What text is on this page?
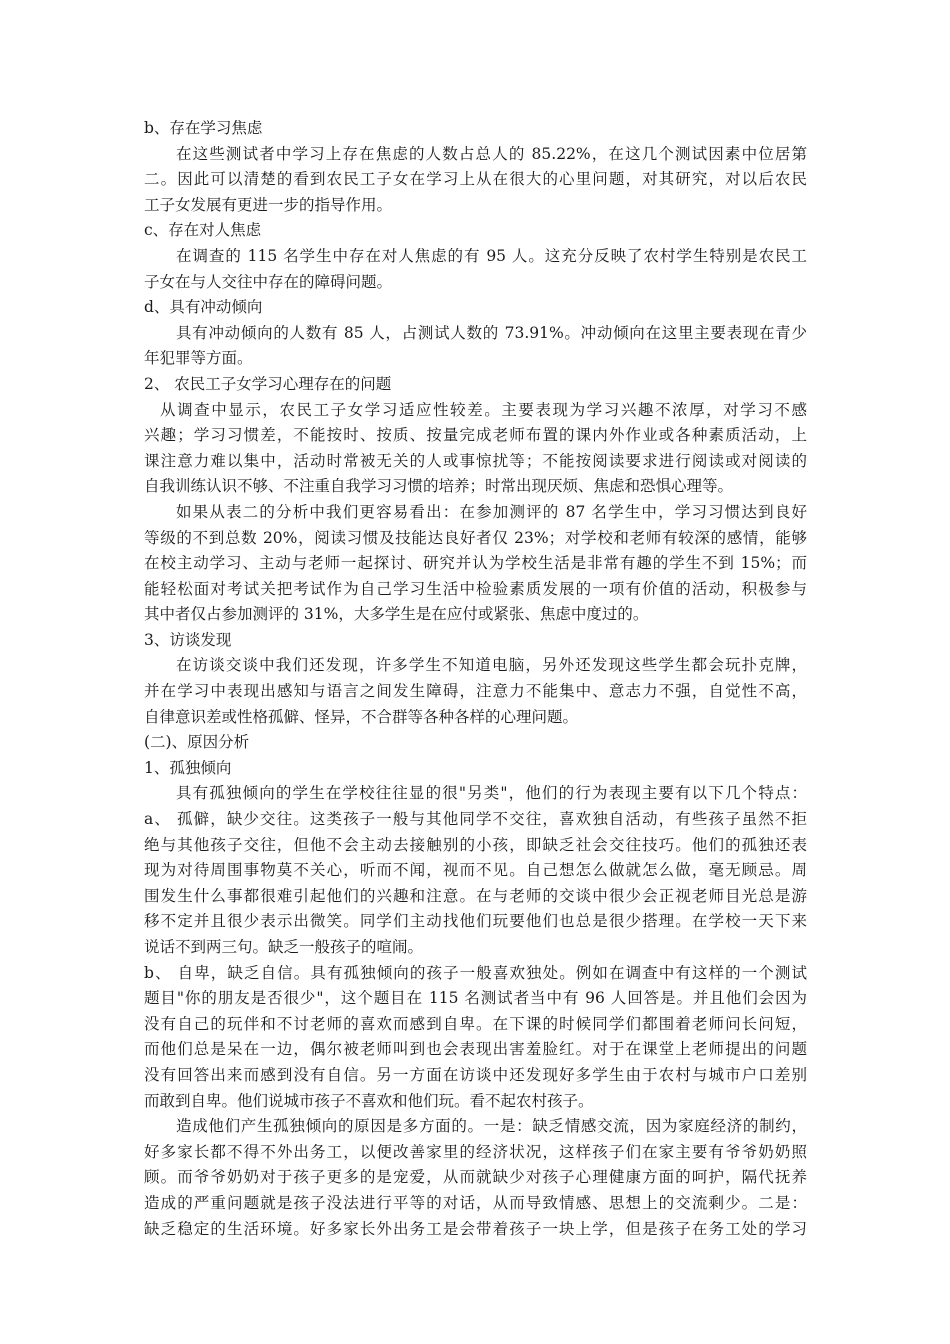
b、存在学习焦虑
在这些测试者中学习上存在焦虑的人数占总人的 85.22%，在这几个测试因素中位居第
二。因此可以清楚的看到农民工子女在学习上从在很大的心里问题，对其研究，对以后农民
工子女发展有更进一步的指导作用。
c、存在对人焦虑
在调查的 115 名学生中存在对人焦虑的有 95 人。这充分反映了农村学生特别是农民工
子女在与人交往中存在的障碍问题。
d、具有冲动倾向
具有冲动倾向的人数有 85 人，占测试人数的 73.91%。冲动倾向在这里主要表现在青少
年犯罪等方面。
2、 农民工子女学习心理存在的问题
从调查中显示，农民工子女学习适应性较差。主要表现为学习兴趣不浓厚，对学习不感
兴趣；学习习惯差，不能按时、按质、按量完成老师布置的课内外作业或各种素质活动，上
课注意力难以集中，活动时常被无关的人或事惊扰等；不能按阅读要求进行阅读或对阅读的
自我训练认识不够、不注重自我学习习惯的培养；时常出现厌烦、焦虑和恐惧心理等。
如果从表二的分析中我们更容易看出：在参加测评的 87 名学生中，学习习惯达到良好
等级的不到总数 20%，阅读习惯及技能达良好者仅 23%；对学校和老师有较深的感情，能够
在校主动学习、主动与老师一起探讨、研究并认为学校生活是非常有趣的学生不到 15%；而
能轻松面对考试关把考试作为自己学习生活中检验素质发展的一项有价值的活动，积极参与
其中者仅占参加测评的 31%，大多学生是在应付或紧张、焦虑中度过的。
3、访谈发现
在访谈交谈中我们还发现，许多学生不知道电脑，另外还发现这些学生都会玩扑克牌，
并在学习中表现出感知与语言之间发生障碍，注意力不能集中、意志力不强，自觉性不高，
自律意识差或性格孤僻、怪异，不合群等各种各样的心理问题。
(二)、原因分析
1、孤独倾向
具有孤独倾向的学生在学校往往显的很"另类"，他们的行为表现主要有以下几个特点：
a、 孤僻，缺少交往。这类孩子一般与其他同学不交往，喜欢独自活动，有些孩子虽然不拒
绝与其他孩子交往，但他不会主动去接触别的小孩，即缺乏社会交往技巧。他们的孤独还表
现为对待周围事物莫不关心，听而不闻，视而不见。自己想怎么做就怎么做，毫无顾忌。周
围发生什么事都很难引起他们的兴趣和注意。在与老师的交谈中很少会正视老师目光总是游
移不定并且很少表示出微笑。同学们主动找他们玩要他们也总是很少搭理。在学校一天下来
说话不到两三句。缺乏一般孩子的喧闹。
b、 自卑，缺乏自信。具有孤独倾向的孩子一般喜欢独处。例如在调查中有这样的一个测试
题目"你的朋友是否很少"，这个题目在 115 名测试者当中有 96 人回答是。并且他们会因为
没有自己的玩伴和不讨老师的喜欢而感到自卑。在下课的时候同学们都围着老师问长问短，
而他们总是呆在一边，偶尔被老师叫到也会表现出害羞脸红。对于在课堂上老师提出的问题
没有回答出来而感到没有自信。另一方面在访谈中还发现好多学生由于农村与城市户口差别
而敢到自卑。他们说城市孩子不喜欢和他们玩。看不起农村孩子。
造成他们产生孤独倾向的原因是多方面的。一是：缺乏情感交流，因为家庭经济的制约，
好多家长都不得不外出务工，以便改善家里的经济状况，这样孩子们在家主要有爷爷奶奶照
顾。而爷爷奶奶对于孩子更多的是宠爱，从而就缺少对孩子心理健康方面的呵护，隔代抚养
造成的严重问题就是孩子没法进行平等的对话，从而导致情感、思想上的交流剩少。二是：
缺乏稳定的生活环境。好多家长外出务工是会带着孩子一块上学，但是孩子在务工处的学习
